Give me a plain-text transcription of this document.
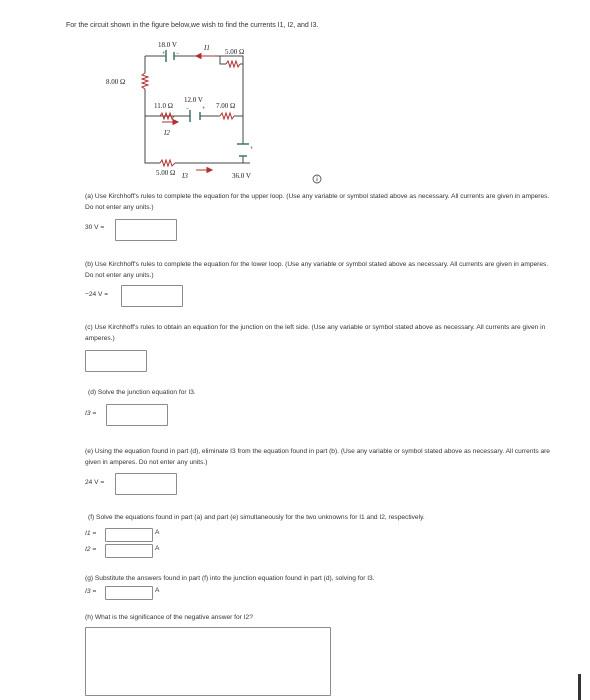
For the circuit shown in the figure below,we wish to find the currents I1, I2, and I3.
18.0 V
+ −
I1 5.00 Ω
8.00 Ω
12.0 V
− +
11.0 Ω	7.00 Ω
I2
+
5.00 Ω I3	36.0 V
(a) Use Kirchhoff's rules to complete the equation for the upper loop. (Use any variable or symbol stated above as necessary. All currents are given in amperes. Do not enter any units.)
30 V =
(b) Use Kirchhoff's rules to complete the equation for the lower loop. (Use any variable or symbol stated above as necessary. All currents are given in amperes. Do not enter any units.)
−24 V =
(c) Use Kirchhoff's rules to obtain an equation for the junction on the left side. (Use any variable or symbol stated above as necessary. All currents are given in amperes.)
(d) Solve the junction equation for I3.
I3 =
(e) Using the equation found in part (d), eliminate I3 from the equation found in part (b). (Use any variable or symbol stated above as necessary. All currents are given in amperes. Do not enter any units.)
24 V =
(f) Solve the equations found in part (a) and part (e) simultaneously for the two unknowns for I1 and I2, respectively.
I1 =	A
I2 =	A
(g) Substitute the answers found in part (f) into the junction equation found in part (d), solving for I3.
I3 =	A
(h) What is the significance of the negative answer for I2?
